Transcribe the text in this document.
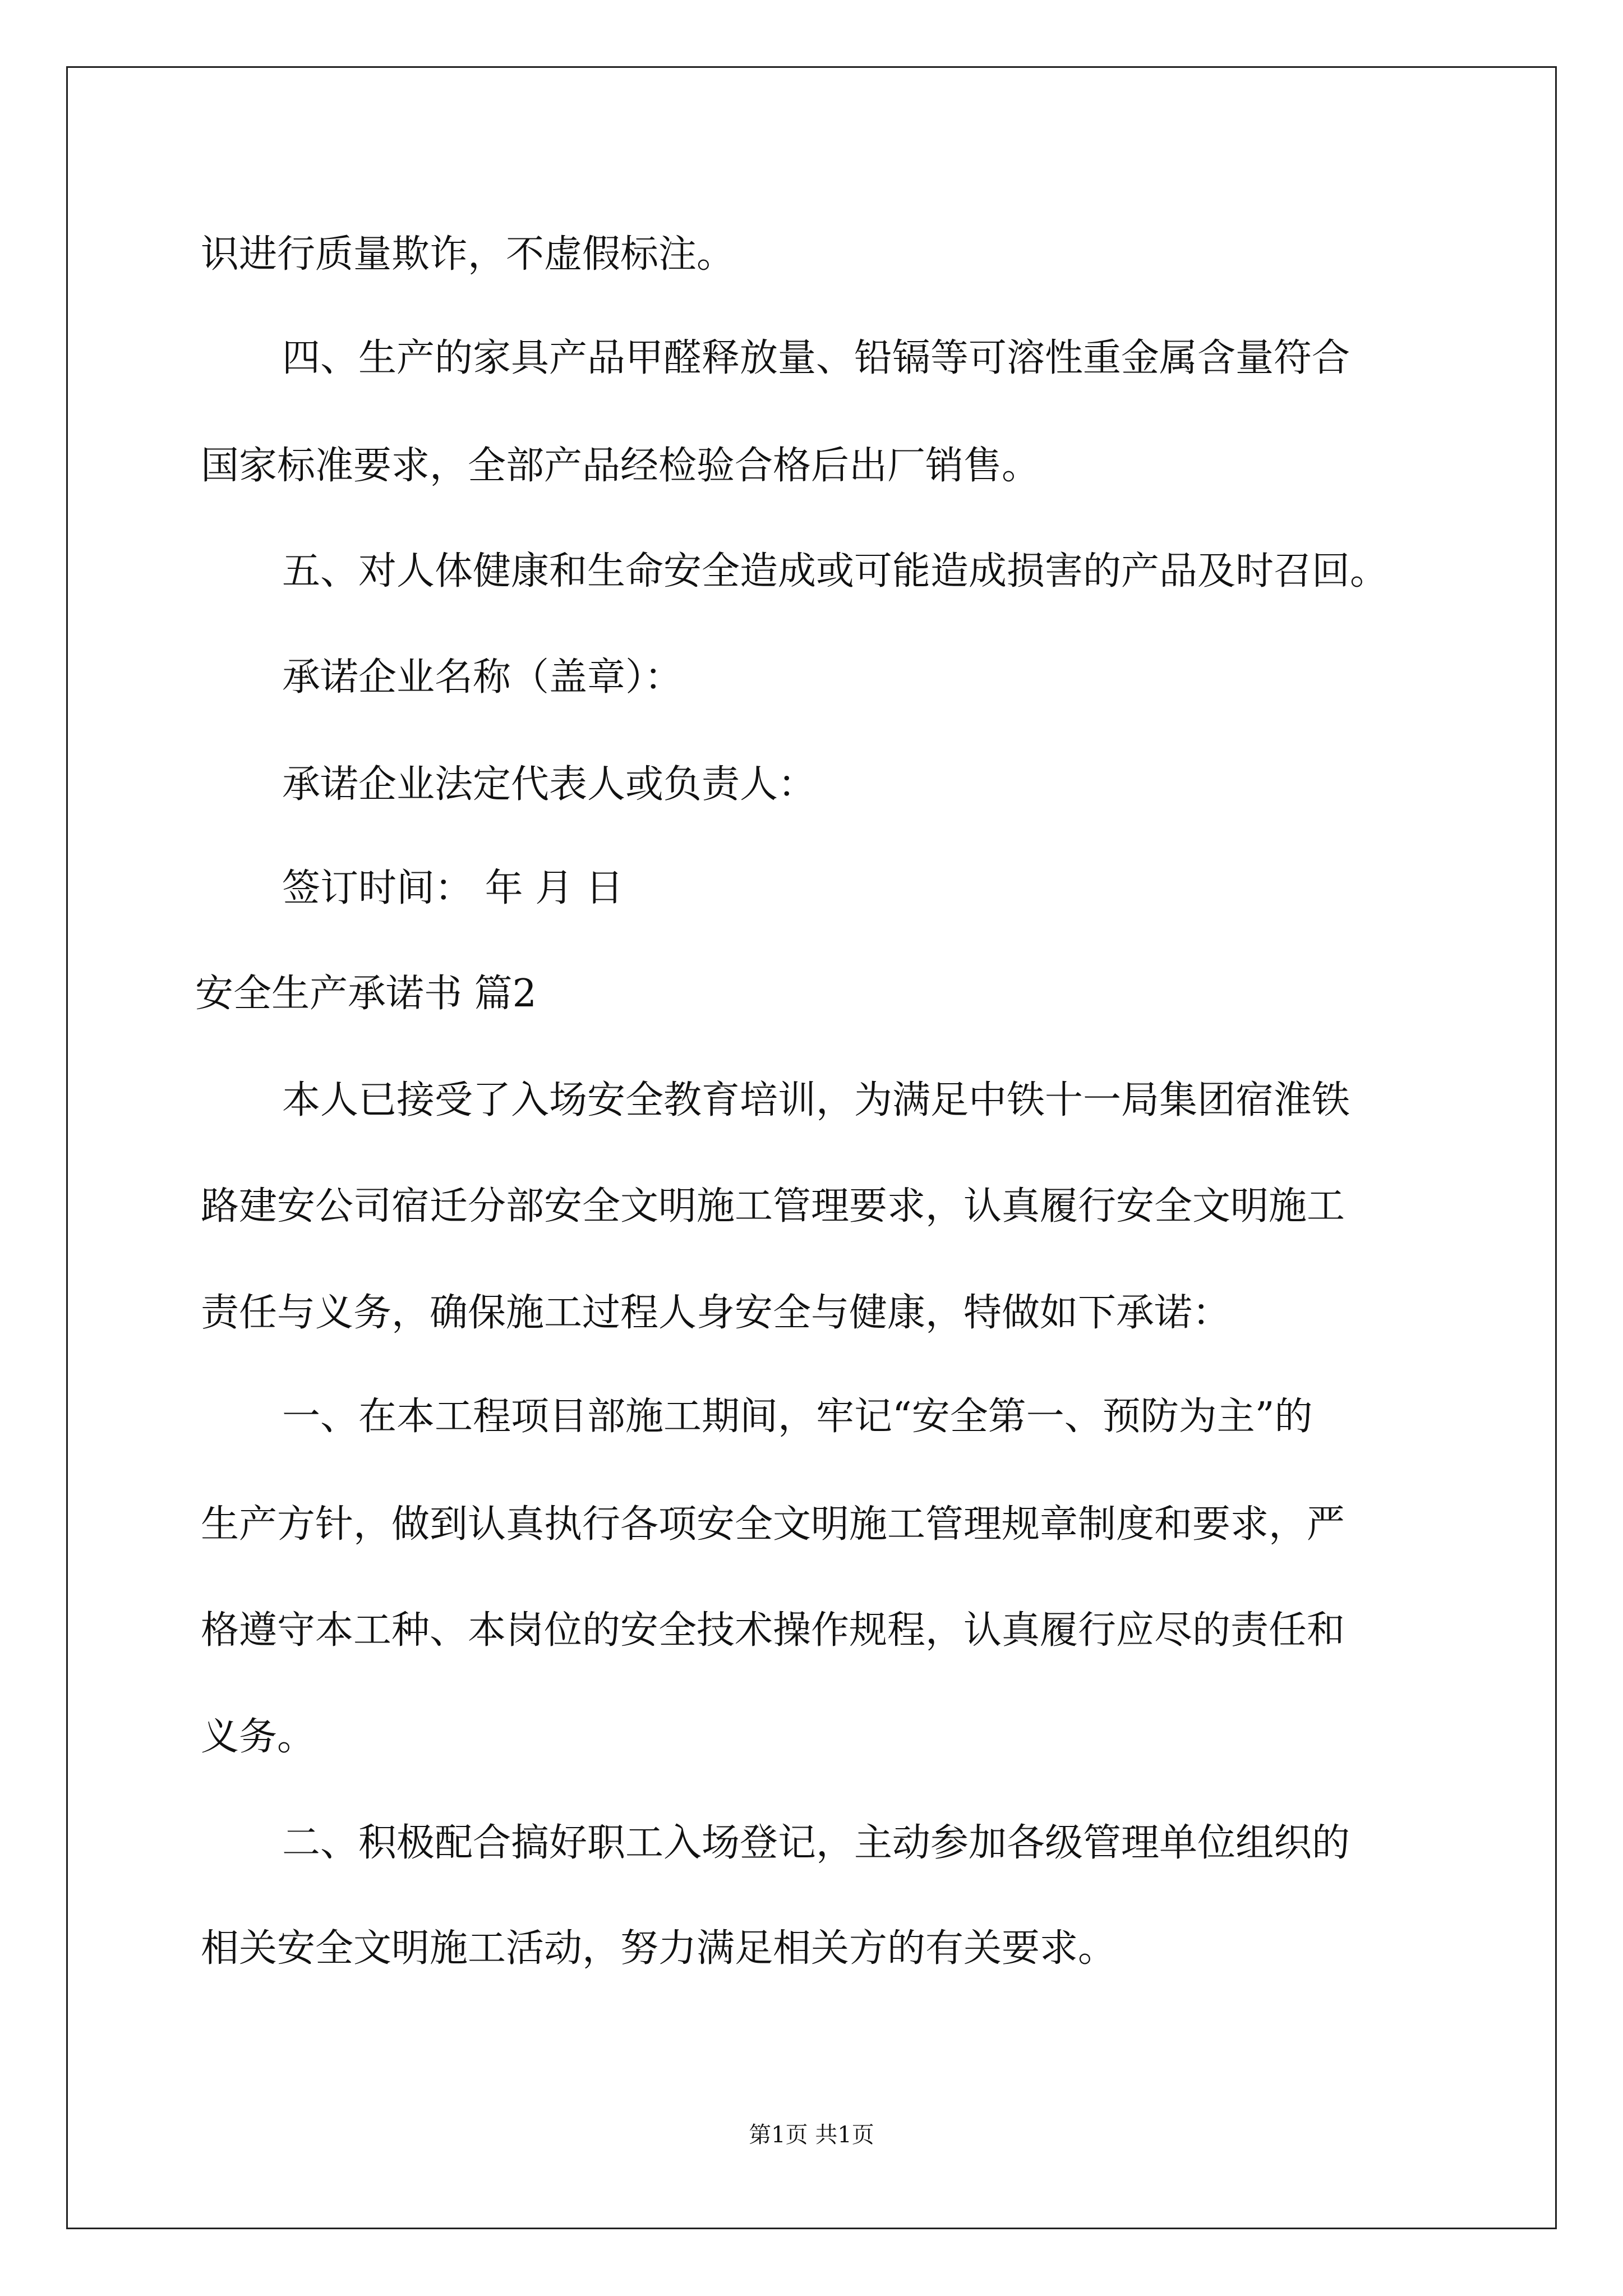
识进行质量欺诈，不虚假标注。

四、生产的家具产品甲醛释放量、铅镉等可溶性重金属含量符合

国家标准要求，全部产品经检验合格后出厂销售。

五、对人体健康和生命安全造成或可能造成损害的产品及时召回。

承诺企业名称（盖章）：

承诺企业法定代表人或负责人：

签订时间： 年 月 日

安全生产承诺书 篇2

本人已接受了入场安全教育培训，为满足中铁十一局集团宿淮铁

路建安公司宿迁分部安全文明施工管理要求，认真履行安全文明施工

责任与义务，确保施工过程人身安全与健康，特做如下承诺：

一、在本工程项目部施工期间，牢记“安全第一、预防为主”的

生产方针，做到认真执行各项安全文明施工管理规章制度和要求，严

格遵守本工种、本岗位的安全技术操作规程，认真履行应尽的责任和

义务。

二、积极配合搞好职工入场登记，主动参加各级管理单位组织的

相关安全文明施工活动，努力满足相关方的有关要求。

第1页 共1页
